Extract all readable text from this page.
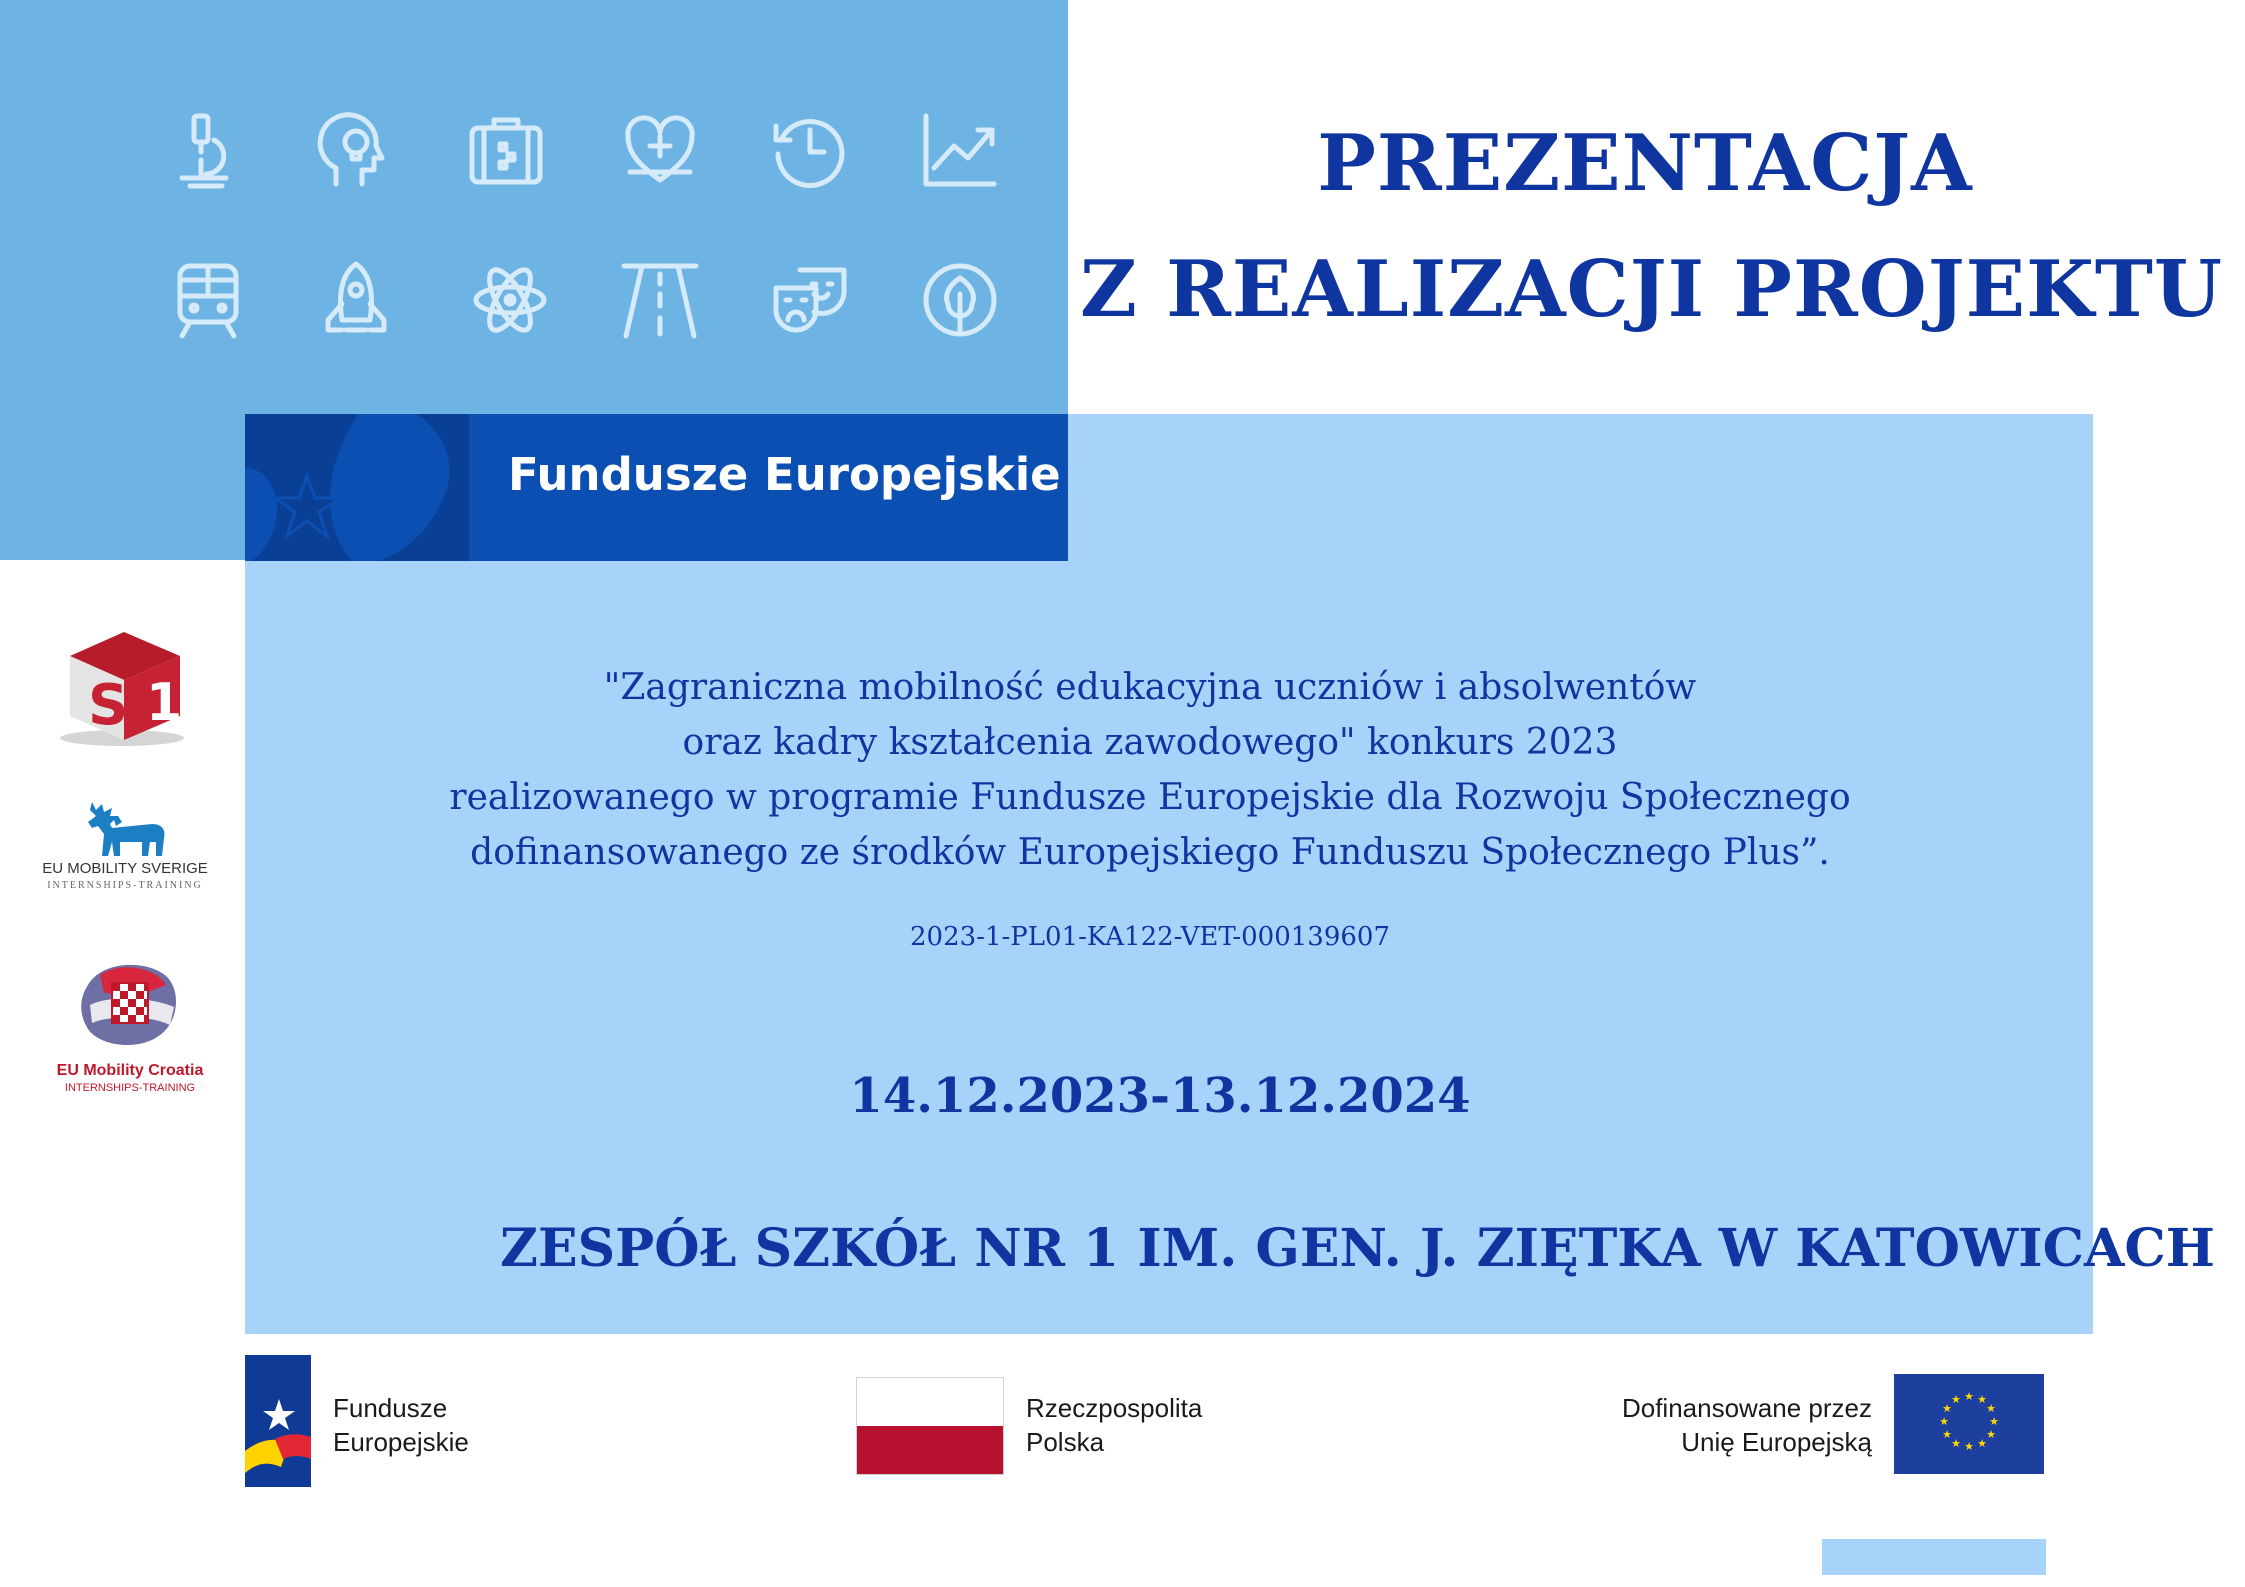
PREZENTACJA
Z REALIZACJI PROJEKTU
Fundusze Europejskie
S 1
EU MOBILITY SVERIGE
INTERNSHIPS-TRAINING
EU Mobility Croatia
INTERNSHIPS-TRAINING
"Zagraniczna mobilność edukacyjna uczniów i absolwentów
oraz kadry kształcenia zawodowego" konkurs 2023
realizowanego w programie Fundusze Europejskie dla Rozwoju Społecznego
dofinansowanego ze środków Europejskiego Funduszu Społecznego Plus”.
2023-1-PL01-KA122-VET-000139607
14.12.2023-13.12.2024
ZESPÓŁ SZKÓŁ NR 1 IM. GEN. J. ZIĘTKA W KATOWICACH
Fundusze
Europejskie
Rzeczpospolita
Polska
Dofinansowane przez
Unię Europejską
★ ★
★
★
★
★
★
★
★
★
★
★
